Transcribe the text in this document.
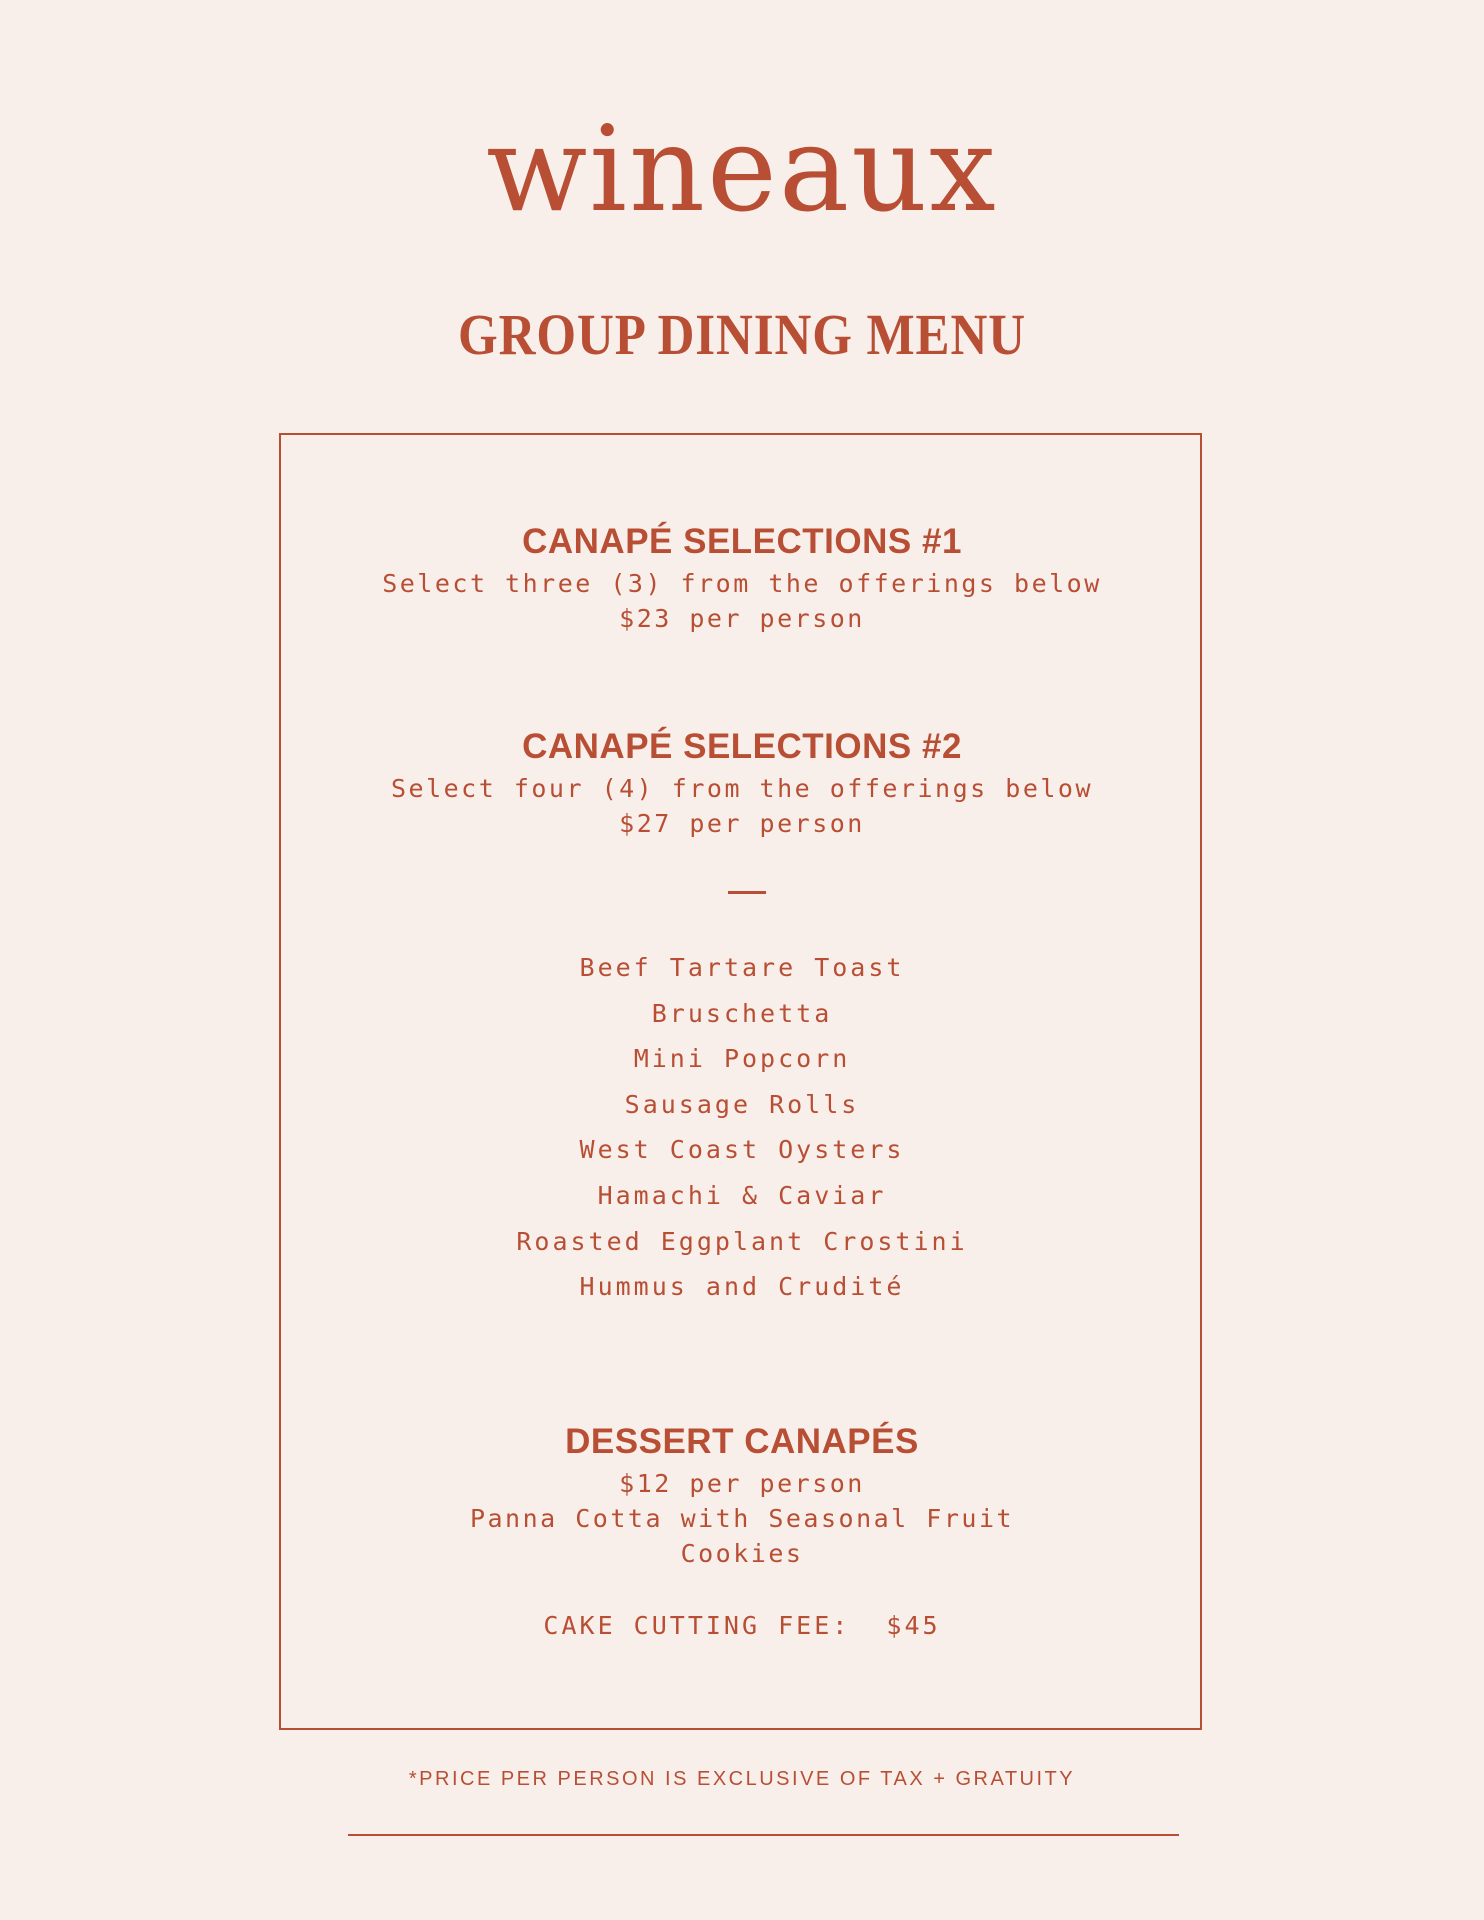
wineaux
GROUP DINING MENU
CANAPÉ SELECTIONS #1
Select three (3) from the offerings below
$23 per person
CANAPÉ SELECTIONS #2
Select four (4) from the offerings below
$27 per person
Beef Tartare Toast
Bruschetta
Mini Popcorn
Sausage Rolls
West Coast Oysters
Hamachi & Caviar
Roasted Eggplant Crostini
Hummus and Crudité
DESSERT CANAPÉS
$12 per person
Panna Cotta with Seasonal Fruit
Cookies
CAKE CUTTING FEE:  $45
*PRICE PER PERSON IS EXCLUSIVE OF TAX + GRATUITY
